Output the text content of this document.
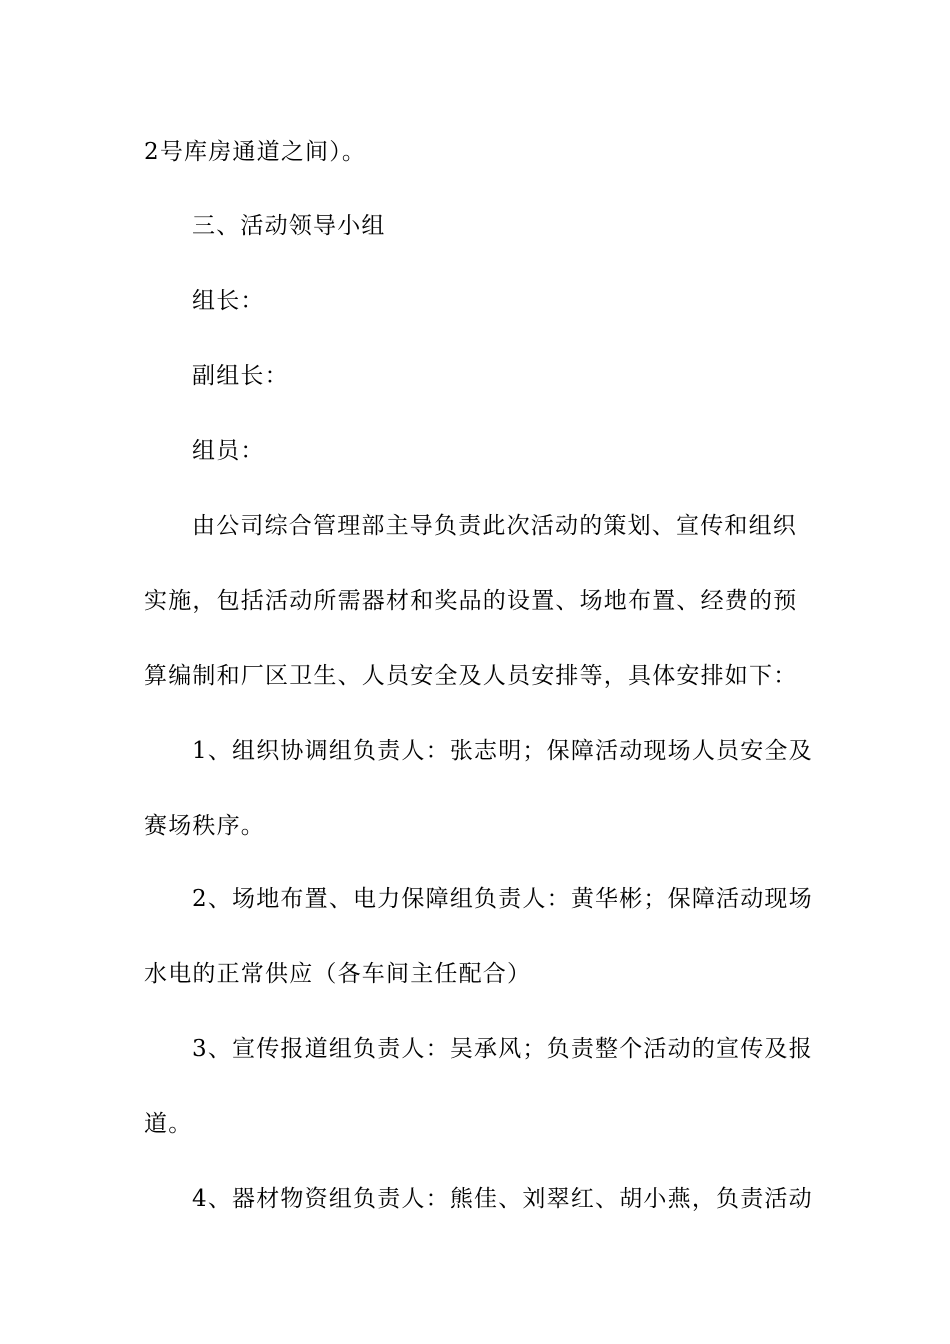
2号库房通道之间）。
三、活动领导小组
组长：
副组长：
组员：
由公司综合管理部主导负责此次活动的策划、宣传和组织
实施，包括活动所需器材和奖品的设置、场地布置、经费的预
算编制和厂区卫生、人员安全及人员安排等，具体安排如下：
1、组织协调组负责人：张志明；保障活动现场人员安全及
赛场秩序。
2、场地布置、电力保障组负责人：黄华彬；保障活动现场
水电的正常供应（各车间主任配合）
3、宣传报道组负责人：吴承风；负责整个活动的宣传及报
道。
4、器材物资组负责人：熊佳、刘翠红、胡小燕，负责活动
